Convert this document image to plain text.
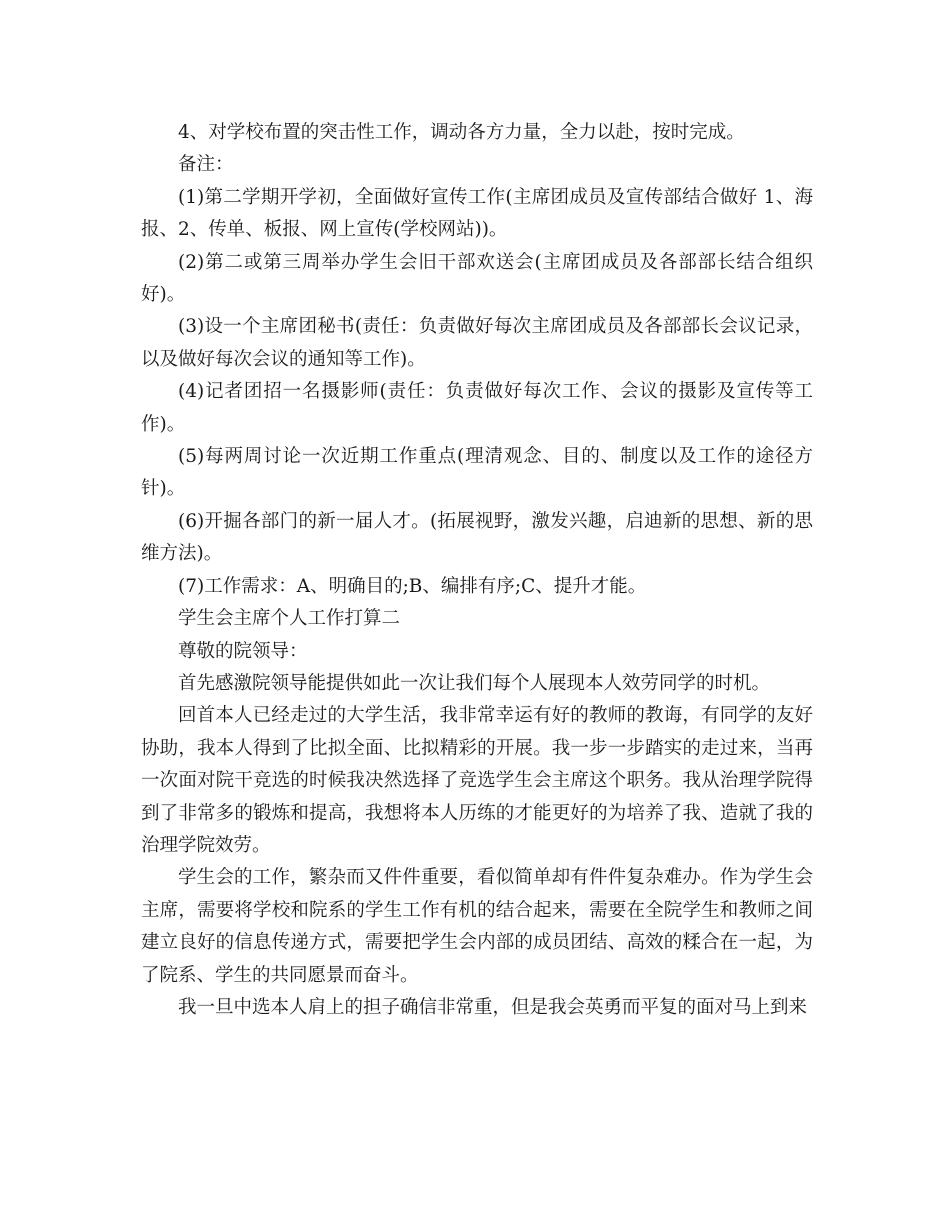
4、对学校布置的突击性工作，调动各方力量，全力以赴，按时完成。

备注：

(1)第二学期开学初，全面做好宣传工作(主席团成员及宣传部结合做好 1、海报、2、传单、板报、网上宣传(学校网站))。

(2)第二或第三周举办学生会旧干部欢送会(主席团成员及各部部长结合组织好)。

(3)设一个主席团秘书(责任：负责做好每次主席团成员及各部部长会议记录，以及做好每次会议的通知等工作)。

(4)记者团招一名摄影师(责任：负责做好每次工作、会议的摄影及宣传等工作)。

(5)每两周讨论一次近期工作重点(理清观念、目的、制度以及工作的途径方针)。

(6)开掘各部门的新一届人才。(拓展视野，激发兴趣，启迪新的思想、新的思维方法)。

(7)工作需求：A、明确目的;B、编排有序;C、提升才能。

学生会主席个人工作打算二

尊敬的院领导：

首先感激院领导能提供如此一次让我们每个人展现本人效劳同学的时机。

回首本人已经走过的大学生活，我非常幸运有好的教师的教诲，有同学的友好协助，我本人得到了比拟全面、比拟精彩的开展。我一步一步踏实的走过来，当再一次面对院干竞选的时候我决然选择了竞选学生会主席这个职务。我从治理学院得到了非常多的锻炼和提高，我想将本人历练的才能更好的为培养了我、造就了我的治理学院效劳。

学生会的工作，繁杂而又件件重要，看似简单却有件件复杂难办。作为学生会主席，需要将学校和院系的学生工作有机的结合起来，需要在全院学生和教师之间建立良好的信息传递方式，需要把学生会内部的成员团结、高效的糅合在一起，为了院系、学生的共同愿景而奋斗。

我一旦中选本人肩上的担子确信非常重，但是我会英勇而平复的面对马上到来
